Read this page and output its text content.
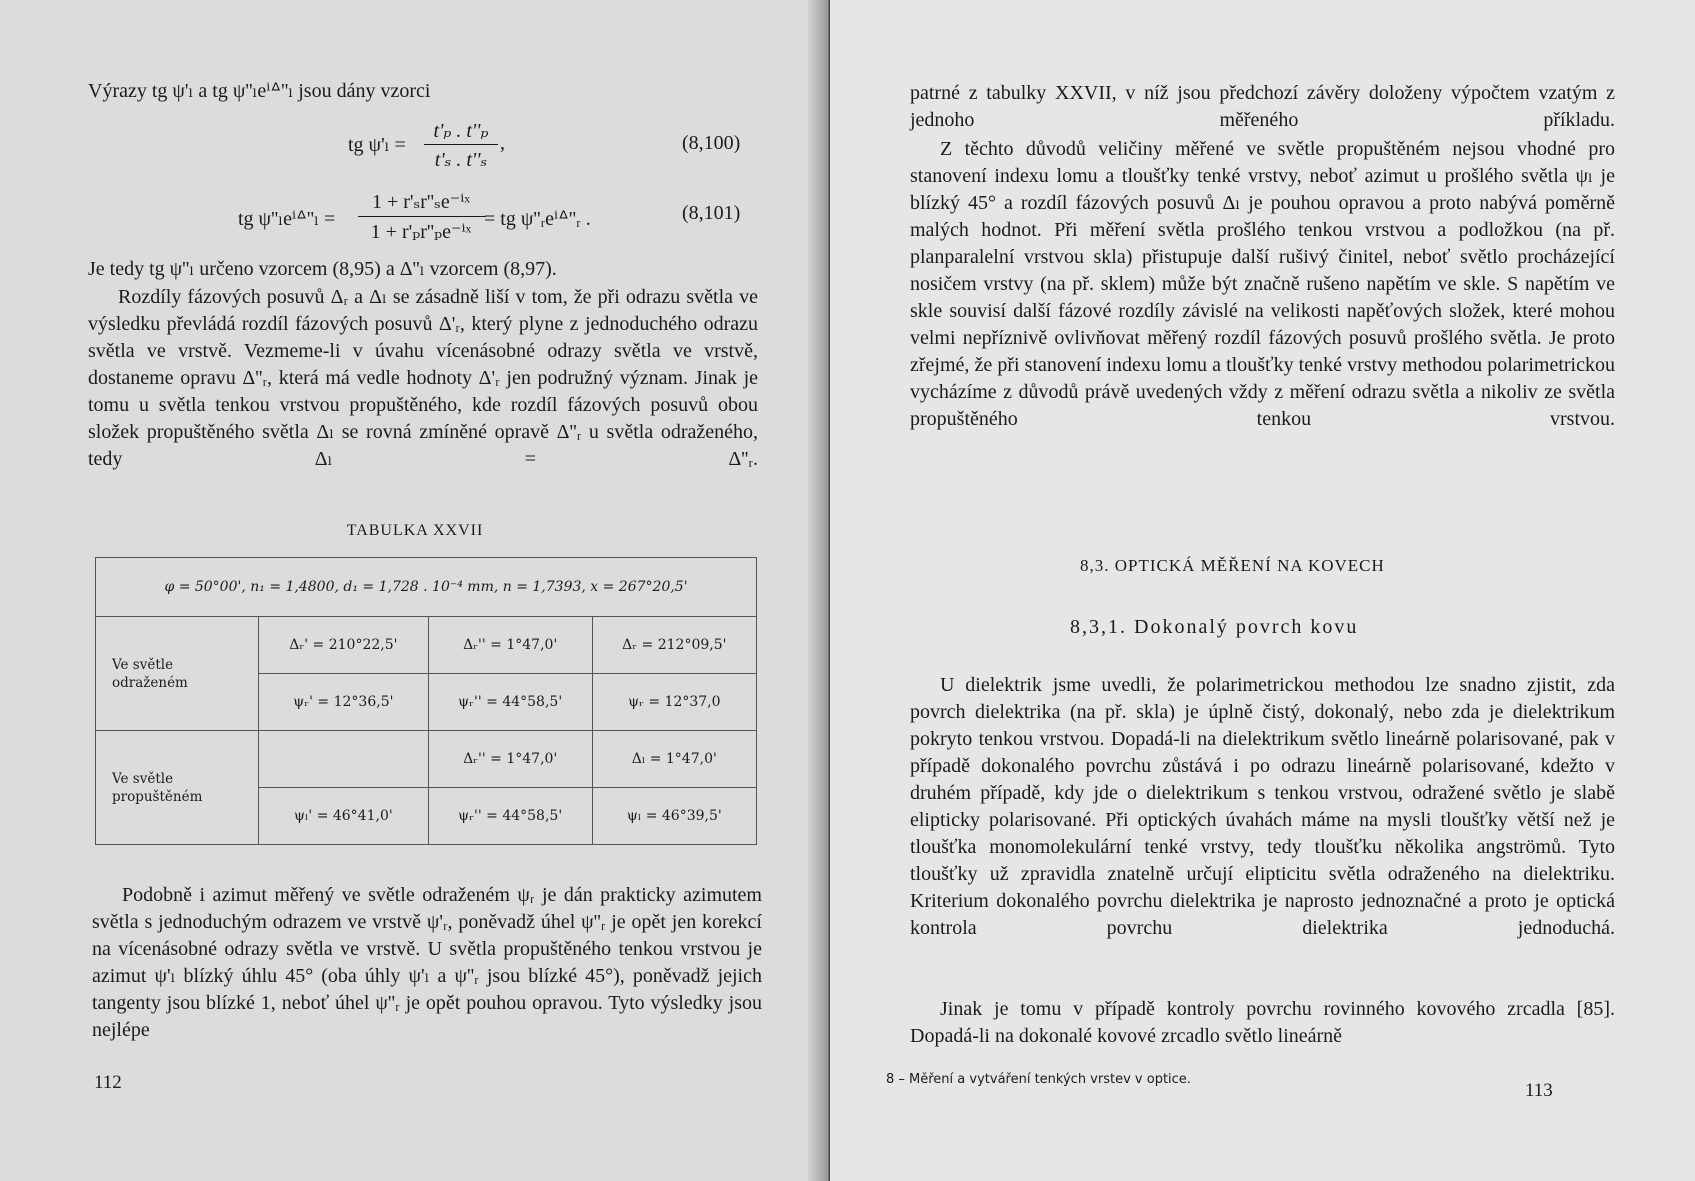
Výrazy tg ψ'ₗ a tg ψ''ₗeⁱᐞ''ₗ jsou dány vzorci
tg ψ'ₗ =
t'ₚ . t''ₚ
t'ₛ . t''ₛ
,	(8,100)
tg ψ''ₗeⁱᐞ''ₗ =
1 + r'ₛr''ₛe⁻ⁱˣ
1 + r'ₚr''ₚe⁻ⁱˣ
= tg ψ''ᵣeⁱᐞ''ᵣ .	(8,101)

Je tedy tg ψ''ₗ určeno vzorcem (8,95) a Δ''ₗ vzorcem (8,97).

Rozdíly fázových posuvů Δᵣ a Δₗ se zásadně liší v tom, že při odrazu světla ve výsledku převládá rozdíl fázových posuvů Δ'ᵣ, který plyne z jednoduchého odrazu světla ve vrstvě. Vezmeme-li v úvahu vícenásobné odrazy světla ve vrstvě, dostaneme opravu Δ''ᵣ, která má vedle hodnoty Δ'ᵣ jen podružný význam. Jinak je tomu u světla tenkou vrstvou propuštěného, kde rozdíl fázových posuvů obou složek propuštěného světla Δₗ se rovná zmíněné opravě Δ''ᵣ u světla odraženého, tedy Δₗ = Δ''ᵣ.

TABULKA XXVII
φ = 50°00', n₁ = 1,4800, d₁ = 1,728 . 10⁻⁴ mm, n = 1,7393, x = 267°20,5'			
Ve světle odraženém	Δᵣ' = 210°22,5'	Δᵣ'' = 1°47,0'	Δᵣ = 212°09,5'
	ψᵣ' = 12°36,5'	ψᵣ'' = 44°58,5'	ψᵣ = 12°37,0
Ve světle propuštěném		Δᵣ'' = 1°47,0'	Δₗ = 1°47,0'
	ψₗ' = 46°41,0'	ψᵣ'' = 44°58,5'	ψₗ = 46°39,5'

Podobně i azimut měřený ve světle odraženém ψᵣ je dán prakticky azimutem světla s jednoduchým odrazem ve vrstvě ψ'ᵣ, poněvadž úhel ψ''ᵣ je opět jen korekcí na vícenásobné odrazy světla ve vrstvě. U světla propuštěného tenkou vrstvou je azimut ψ'ₗ blízký úhlu 45° (oba úhly ψ'ₗ a ψ''ᵣ jsou blízké 45°), poněvadž jejich tangenty jsou blízké 1, neboť úhel ψ''ᵣ je opět pouhou opravou. Tyto výsledky jsou nejlépe

112

patrné z tabulky XXVII, v níž jsou předchozí závěry doloženy výpočtem vzatým z jednoho měřeného příkladu.

Z těchto důvodů veličiny měřené ve světle propuštěném nejsou vhodné pro stanovení indexu lomu a tloušťky tenké vrstvy, neboť azimut u prošlého světla ψₗ je blízký 45° a rozdíl fázových posuvů Δₗ je pouhou opravou a proto nabývá poměrně malých hodnot. Při měření světla prošlého tenkou vrstvou a podložkou (na př. planparalelní vrstvou skla) přistupuje další rušivý činitel, neboť světlo procházející nosičem vrstvy (na př. sklem) může být značně rušeno napětím ve skle. S napětím ve skle souvisí další fázové rozdíly závislé na velikosti napěťových složek, které mohou velmi nepříznivě ovlivňovat měřený rozdíl fázových posuvů prošlého světla. Je proto zřejmé, že při stanovení indexu lomu a tloušťky tenké vrstvy methodou polarimetrickou vycházíme z důvodů právě uvedených vždy z měření odrazu světla a nikoliv ze světla propuštěného tenkou vrstvou.

8,3. OPTICKÁ MĚŘENÍ NA KOVECH
8,3,1. Dokonalý povrch kovu

U dielektrik jsme uvedli, že polarimetrickou methodou lze snadno zjistit, zda povrch dielektrika (na př. skla) je úplně čistý, dokonalý, nebo zda je dielektrikum pokryto tenkou vrstvou. Dopadá-li na dielektrikum světlo lineárně polarisované, pak v případě dokonalého povrchu zůstává i po odrazu lineárně polarisované, kdežto v druhém případě, kdy jde o dielektrikum s tenkou vrstvou, odražené světlo je slabě elipticky polarisované. Při optických úvahách máme na mysli tloušťky větší než je tloušťka monomolekulární tenké vrstvy, tedy tloušťku několika angströmů. Tyto tloušťky už zpravidla znatelně určují elipticitu světla odraženého na dielektriku. Kriterium dokonalého povrchu dielektrika je naprosto jednoznačné a proto je optická kontrola povrchu dielektrika jednoduchá.

Jinak je tomu v případě kontroly povrchu rovinného kovového zrcadla [85]. Dopadá-li na dokonalé kovové zrcadlo světlo lineárně

8 – Měření a vytváření tenkých vrstev v optice.
113
